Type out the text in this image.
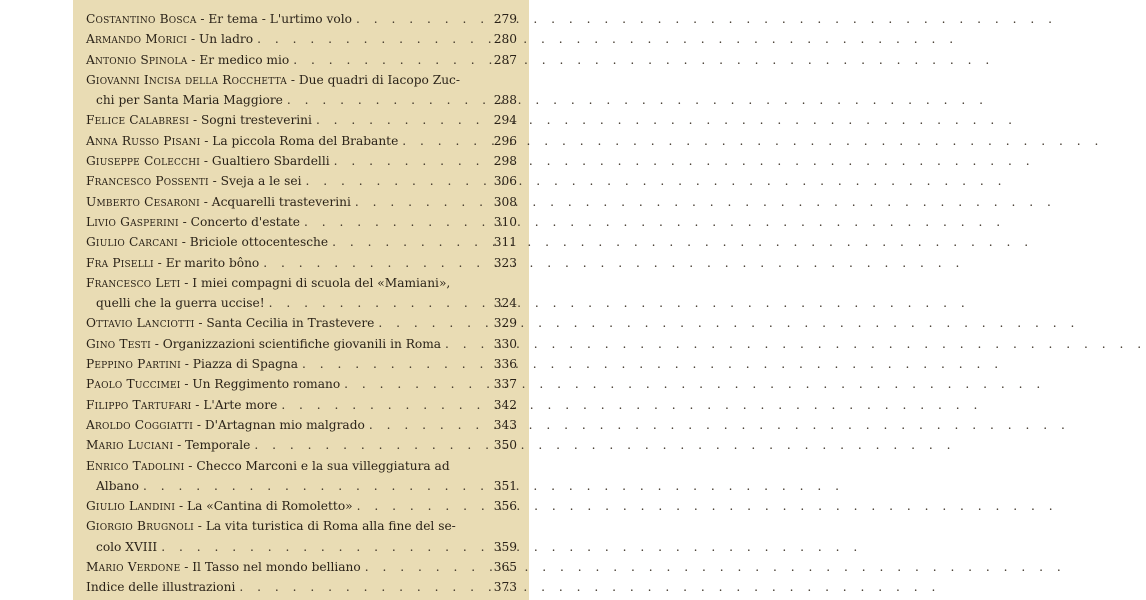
Costantino Bosca - Er tema - L'urtimo volo . . .	279
Armando Morici - Un ladro . . .	280
Antonio Spinola - Er medico mio . . .	287
Giovanni Incisa della Rocchetta - Due quadri di Iacopo Zuc-
chi per Santa Maria Maggiore . . .	288
Felice Calabresi - Sogni tresteverini . . .	294
Anna Russo Pisani - La piccola Roma del Brabante . . .	296
Giuseppe Colecchi - Gualtiero Sbardelli . . .	298
Francesco Possenti - Sveja a le sei . . .	306
Umberto Cesaroni - Acquarelli trasteverini . . .	308
Livio Gasperini - Concerto d'estate . . .	310
Giulio Carcani - Briciole ottocentesche . . .	311
Fra Piselli - Er marito bôno . . .	323
Francesco Leti - I miei compagni di scuola del «Mamiani»,
quelli che la guerra uccise! . . .	324
Ottavio Lanciotti - Santa Cecilia in Trastevere . . .	329
Gino Testi - Organizzazioni scientifiche giovanili in Roma . . .	330
Peppino Partini - Piazza di Spagna . . .	336
Paolo Tuccimei - Un Reggimento romano . . .	337
Filippo Tartufari - L'Arte more . . .	342
Aroldo Coggiatti - D'Artagnan mio malgrado . . .	343
Mario Luciani - Temporale . . .	350
Enrico Tadolini - Checco Marconi e la sua villeggiatura ad
Albano . . .	351
Giulio Landini - La «Cantina di Romoletto» . . .	356
Giorgio Brugnoli - La vita turistica di Roma alla fine del se-
colo XVIII . . .	359
Mario Verdone - Il Tasso nel mondo belliano . . .	365
Indice delle illustrazioni . . .	373
